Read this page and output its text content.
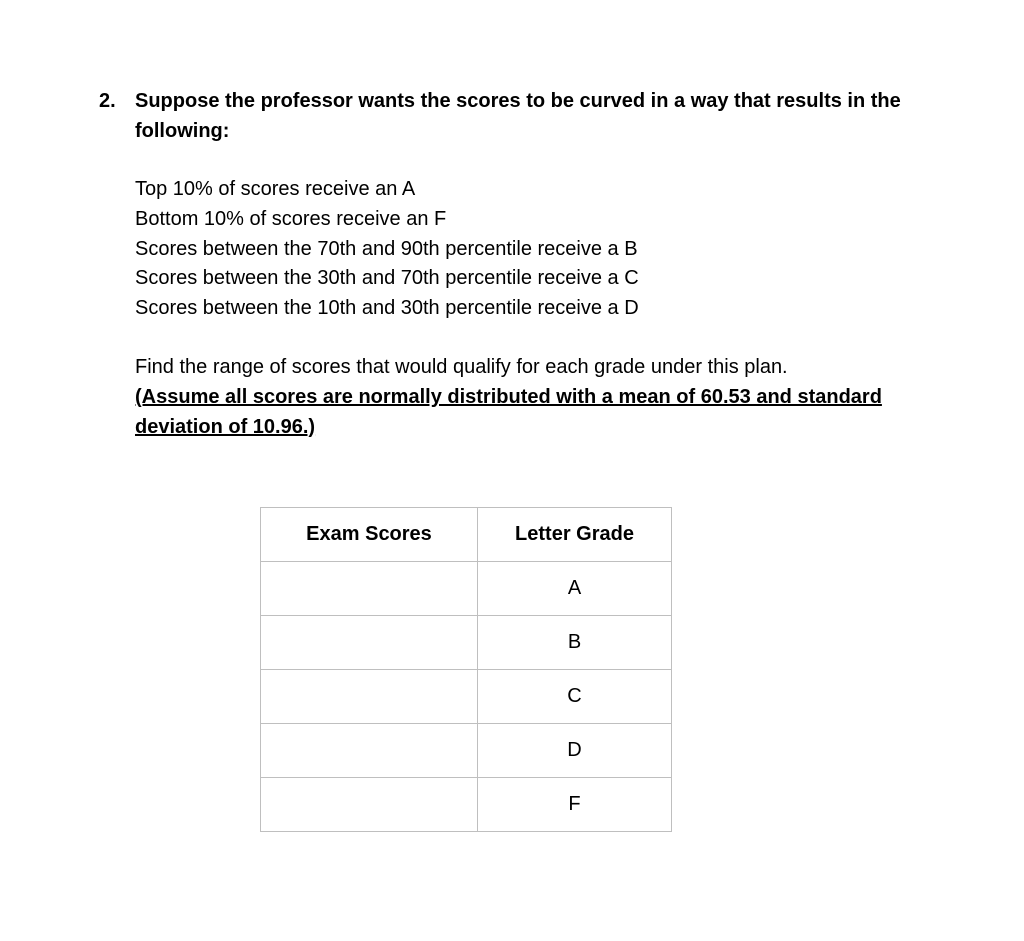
2. Suppose the professor wants the scores to be curved in a way that results in the following:
Top 10% of scores receive an A
Bottom 10% of scores receive an F
Scores between the 70th and 90th percentile receive a B
Scores between the 30th and 70th percentile receive a C
Scores between the 10th and 30th percentile receive a D
Find the range of scores that would qualify for each grade under this plan.
(Assume all scores are normally distributed with a mean of 60.53 and standard deviation of 10.96.)
Exam Scores	Letter Grade
	A
	B
	C
	D
	F
